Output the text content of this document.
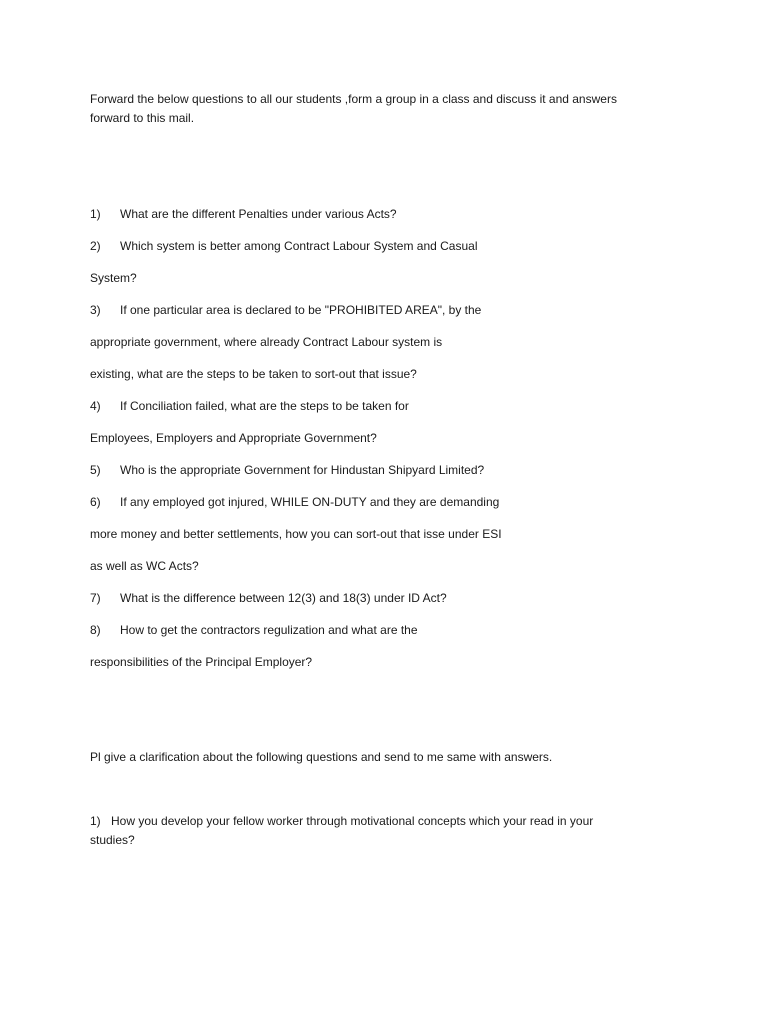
Forward the below questions to all our students ,form a group in a class and discuss it and answers
forward to this mail.
1) What are the different Penalties under various Acts?
2) Which system is better among Contract Labour System and Casual
System?
3) If one particular area is declared to be "PROHIBITED AREA", by the
appropriate government, where already Contract Labour system is
existing, what are the steps to be taken to sort-out that issue?
4) If Conciliation failed, what are the steps to be taken for
Employees, Employers and Appropriate Government?
5) Who is the appropriate Government for Hindustan Shipyard Limited?
6) If any employed got injured, WHILE ON-DUTY and they are demanding
more money and better settlements, how you can sort-out that isse under ESI
as well as WC Acts?
7) What is the difference between 12(3) and 18(3) under ID Act?
8) How to get the contractors regulization and what are the
responsibilities of the Principal Employer?
Pl give a clarification about the following questions and send to me same with answers.
1) How you develop your fellow worker through motivational concepts which your read in your
studies?
